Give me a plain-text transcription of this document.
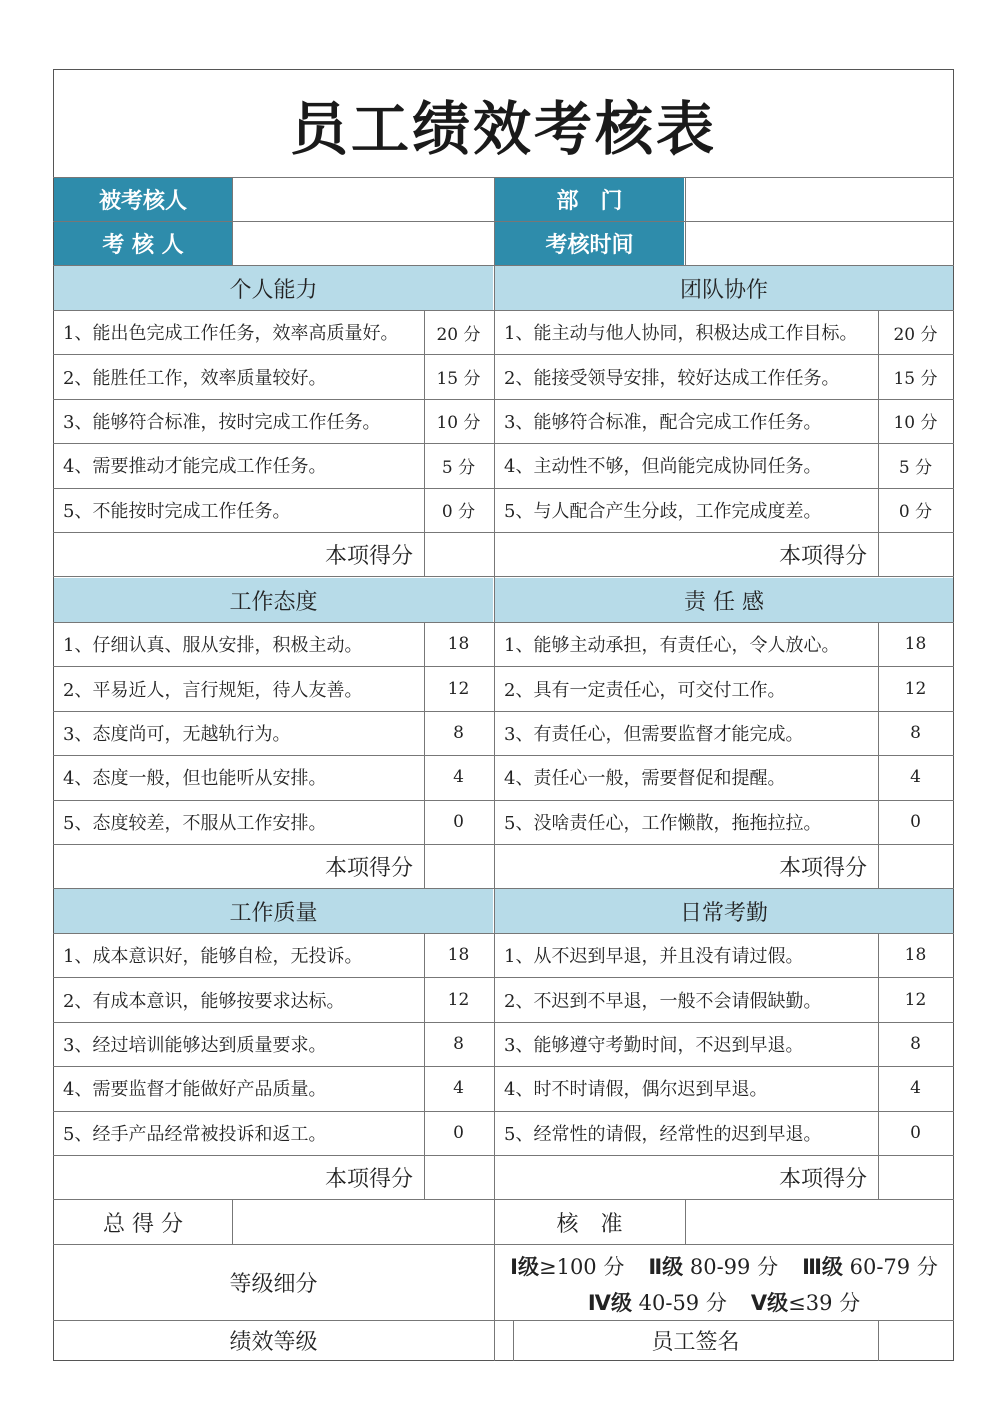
员工绩效考核表
被考核人	部　门
考 核 人	考核时间
个人能力
1、能出色完成工作任务，效率高质量好。	20 分
2、能胜任工作，效率质量较好。	15 分
3、能够符合标准，按时完成工作任务。	10 分
4、需要推动才能完成工作任务。	5 分
5、不能按时完成工作任务。	0 分
本项得分
团队协作
1、能主动与他人协同，积极达成工作目标。	20 分
2、能接受领导安排，较好达成工作任务。	15 分
3、能够符合标准，配合完成工作任务。	10 分
4、主动性不够，但尚能完成协同任务。	5 分
5、与人配合产生分歧，工作完成度差。	0 分
本项得分
工作态度
1、仔细认真、服从安排，积极主动。	18
2、平易近人，言行规矩，待人友善。	12
3、态度尚可，无越轨行为。	8
4、态度一般，但也能听从安排。	4
5、态度较差，不服从工作安排。	0
本项得分
责 任 感
1、能够主动承担，有责任心，令人放心。	18
2、具有一定责任心，可交付工作。	12
3、有责任心，但需要监督才能完成。	8
4、责任心一般，需要督促和提醒。	4
5、没啥责任心，工作懒散，拖拖拉拉。	0
本项得分
工作质量
1、成本意识好，能够自检，无投诉。	18
2、有成本意识，能够按要求达标。	12
3、经过培训能够达到质量要求。	8
4、需要监督才能做好产品质量。	4
5、经手产品经常被投诉和返工。	0
本项得分
日常考勤
1、从不迟到早退，并且没有请过假。	18
2、不迟到不早退，一般不会请假缺勤。	12
3、能够遵守考勤时间，不迟到早退。	8
4、时不时请假，偶尔迟到早退。	4
5、经常性的请假，经常性的迟到早退。	0
本项得分
总 得 分	核　准
等级细分
Ⅰ级≥100 分 Ⅱ级 80-99 分 Ⅲ级 60-79 分
Ⅳ级 40-59 分 Ⅴ级≤39 分
绩效等级	员工签名
